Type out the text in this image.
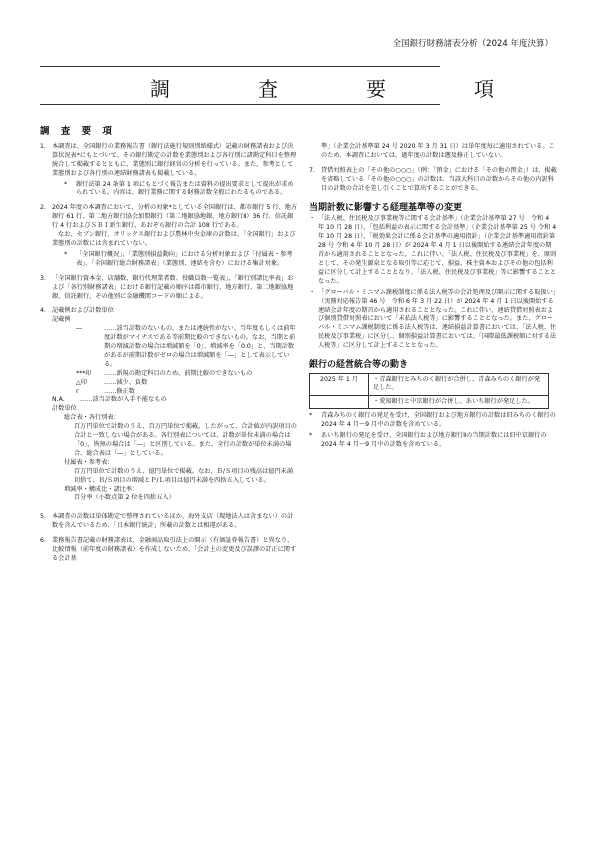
全国銀行財務諸表分析（2024 年度決算）
調　査　要　項
調 査 要 項
1. 本調査は、全国銀行の業務報告書（銀行法施行規則別紙様式）記載の財務諸表および決算状況表*にもとづいて、その銀行勘定の計数を業態別および各行別に諸勘定科目を整理統合して掲載するとともに、業態別に銀行経営の分析を行っている。また、参考として業態別および各行別の連結財務諸表も掲載している。

*	銀行法第 24 条第 1 項にもとづく報告または資料の提出要求として提出が求められている。内容は、銀行業務に関する財務計数全般にわたるものである。
2. 2024 年度の本調査において、分析の対象*としている全国銀行は、都市銀行 5 行、地方銀行 61 行、第二地方銀行協会加盟銀行（第二地銀協地銀、地方銀行Ⅱ）36 行、信託銀行 4 行およびＳＢＩ新生銀行、あおぞら銀行の合計 108 行である。

なお、セブン銀行、オリックス銀行および農林中央金庫の計数は、「全国銀行」および業態別の計数には含まれていない。

*	「全国銀行概況」、「業態別損益動向」における分析対象および「付属表・参考表」、「全国銀行総合財務諸表」（業態別、連結を含む）における集計対象。
3. 「全国銀行資本金、店舗数、銀行代理業者数、役職員数一覧表」、「銀行別諸比率表」および「各行別財務諸表」における銀行記載の順序は都市銀行、地方銀行、第二地銀協地銀、信託銀行、その他別に金融機関コードの順による。

4. 記載例および計数単位

記載例

―	……該当計数のないもの、または連続性がない、当年度もしくは前年度計数がマイナスである等前期比較のできないもの。なお、当期と前期の増減計数の場合は増減額を「0」、増減率を「0.0」と、当期計数があるが前期計数がゼロの場合は増減額を「―」として表示している。
***印	……新規の勘定科目のため、前期比較のできないもの
△印	……減少、負数
r	……修正数
N.A.	……該当計数が入手不能なもの

計数単位

総合表・各行別表：

百万円単位で計数のうえ、百万円単位で掲載。したがって、合計値が内訳項目の合計と一致しない場合がある。各行別表については、計数が単位未満の場合は「0」、皆無の場合は「―」と区別している。また、全行の計数が単位未満の場合、総合表は「―」としている。

付属表・参考表：

百万円単位で計数のうえ、億円単位で掲載。なお、Ｂ/Ｓ項目の残高は億円未満切捨て、Ｂ/Ｓ項目の増減とＰ/Ｌ項目は億円未満を四捨五入している。

増減率・構成比・諸比率：

百分率（小数点第 2 位を四捨五入）

5. 本調査の計数は単体勘定で整理されているほか、海外支店（現地法人は含まない）の計数を含んでいるため、「日本銀行統計」所載の計数とは相違がある。

6. 業務報告書記載の財務諸表は、金融商品取引法上の開示（有価証券報告書）と異なり、比較情報（前年度の財務諸表）を作成しないため、「会計上の変更及び誤謬の訂正に関する会計基

準」（企業会計基準第 24 号 2020 年 3 月 31 日）は単年度毎に適用されている。このため、本調査においては、過年度の計数は遡及修正していない。

7. 貸借対照表上の「その他の○○○」（例：「預金」における「その他の預金」）は、掲載を省略している「その他の○○○」の計数は、当該大科目の計数からその他の内訳科目の計数の合計を差し引くことで算出することができる。

当期計数に影響する経理基準等の変更
・ 「法人税、住民税及び事業税等に関する会計基準」（企業会計基準第 27 号　令和 4 年 10 月 28 日）、「包括利益の表示に関する会計基準」（企業会計基準第 25 号 令和 4 年 10 月 28 日）、「税効果会計に係る会計基準の適用指針」（企業会計基準適用指針第 28 号 令和 4 年 10 月 28 日）が 2024 年 4 月 1 日以後開始する連結会計年度の期首から適用されることとなった。これに伴い、「法人税、住民税及び事業税」を、原則として、その発生源泉となる取引等に応じて、損益、株主資本およびその他の包括利益に区分して計上することとなり、「法人税、住民税及び事業税」等に影響することとなった。
・ 「グローバル・ミニマム課税制度に係る法人税等の会計処理及び開示に関する取扱い」（実務対応報告第 46 号　令和 6 年 3 月 22 日）が 2024 年 4 月 1 日以後開始する連結会計年度の期首から適用されることとなった。これに伴い、連結貸借対照表および個別貸借対照表において「未払法人税等」に影響することとなった。また、グローバル・ミニマム課税制度に係る法人税等は、連結損益計算書においては、「法人税、住民税及び事業税」に区分し、個別損益計算書においては、「国際最低課税額に対する法人税等」に区分して計上することとなった。
銀行の経営統合等の動き
2025 年 1 月	・青森銀行とみちのく銀行が合併し、青森みちのく銀行が発足した。
	・愛知銀行と中京銀行が合併し、あいち銀行が発足した。
*	青森みちのく銀行の発足を受け、全国銀行および地方銀行の計数は旧みちのく銀行の 2024 年 4 月～9 月中の計数を含めている。
*	あいち銀行の発足を受け、全国銀行および地方銀行Ⅱの当期計数には旧中京銀行の 2024 年 4 月～9 月中の計数を含めている。
